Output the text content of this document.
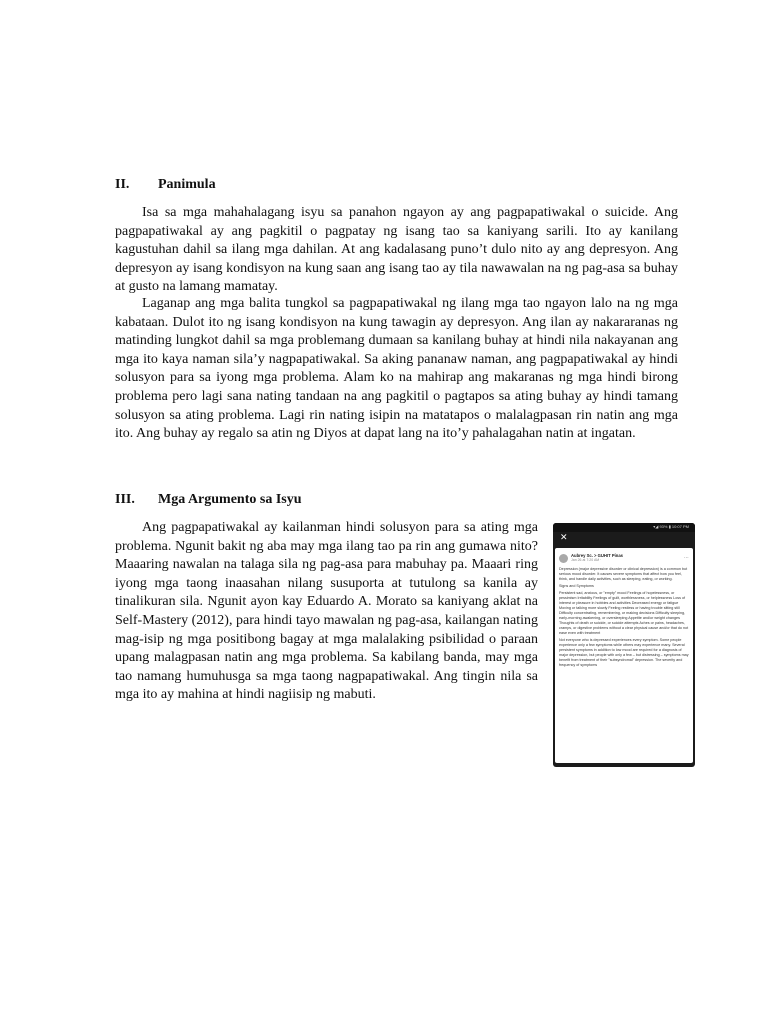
II. Panimula

Isa sa mga mahahalagang isyu sa panahon ngayon ay ang pagpapatiwakal o suicide. Ang pagpapatiwakal ay ang pagkitil o pagpatay ng isang tao sa kaniyang sarili. Ito ay kanilang kagustuhan dahil sa ilang mga dahilan. At ang kadalasang puno’t dulo nito ay ang depresyon. Ang depresyon ay isang kondisyon na kung saan ang isang tao ay tila nawawalan na ng pag-asa sa buhay at gusto na lamang mamatay.

Laganap ang mga balita tungkol sa pagpapatiwakal ng ilang mga tao ngayon lalo na ng mga kabataan. Dulot ito ng isang kondisyon na kung tawagin ay depresyon. Ang ilan ay nakararanas ng matinding lungkot dahil sa mga problemang dumaan sa kanilang buhay at hindi nila nakayanan ang mga ito kaya naman sila’y nagpapatiwakal. Sa aking pananaw naman, ang pagpapatiwakal ay hindi solusyon para sa iyong mga problema. Alam ko na mahirap ang makaranas ng mga hindi birong problema pero lagi sana nating tandaan na ang pagkitil o pagtapos sa ating buhay ay hindi tamang solusyon sa ating problema. Lagi rin nating isipin na matatapos o malalagpasan rin natin ang mga ito. Ang buhay ay regalo sa atin ng Diyos at dapat lang na ito’y pahalagahan natin at ingatan.

III. Mga Argumento sa Isyu

Ang pagpapatiwakal ay kailanman hindi solusyon para sa ating mga problema. Ngunit bakit ng aba may mga ilang tao pa rin ang gumawa nito? Maaaring nawalan na talaga sila ng pag-asa para mabuhay pa. Maaari ring iyong mga taong inaasahan nilang susuporta at tutulong sa kanila ay tinalikuran sila. Ngunit ayon kay Eduardo A. Morato sa kaniyang aklat na Self-Mastery (2012), para hindi tayo mawalan ng pag-asa, kailangan nating mag-isip ng mga positibong bagay at mga malalaking psibilidad o paraan upang malagpasan natin ang mga problema. Sa kabilang banda, may mga tao namang humuhusga sa mga taong nagpapatiwakal. Ang tingin nila sa mga ito ay mahina at hindi nagiisip ng mabuti.

▾◢ 93% ▮ 10:07 PM
✕
Aubrey Sc. > GUHIT Pinas
Jan 26 at 7:20 AM ·	⋯

Depression (major depressive disorder or clinical depression) is a common but serious mood disorder. It causes severe symptoms that affect how you feel, think, and handle daily activities, such as sleeping, eating, or working.

Signs and Symptoms

Persistent sad, anxious, or "empty" mood Feelings of hopelessness, or pessimism Irritability Feelings of guilt, worthlessness, or helplessness Loss of interest or pleasure in hobbies and activities Decreased energy or fatigue Moving or talking more slowly Feeling restless or having trouble sitting still Difficulty concentrating, remembering, or making decisions Difficulty sleeping, early-morning awakening, or oversleeping Appetite and/or weight changes Thoughts of death or suicide, or suicide attempts Aches or pains, headaches, cramps, or digestive problems without a clear physical cause and/or that do not ease even with treatment

Not everyone who is depressed experiences every symptom. Some people experience only a few symptoms while others may experience many. Several persistent symptoms in addition to low mood are required for a diagnosis of major depression, but people with only a few – but distressing – symptoms may benefit from treatment of their "subsyndromal" depression. The severity and frequency of symptoms
